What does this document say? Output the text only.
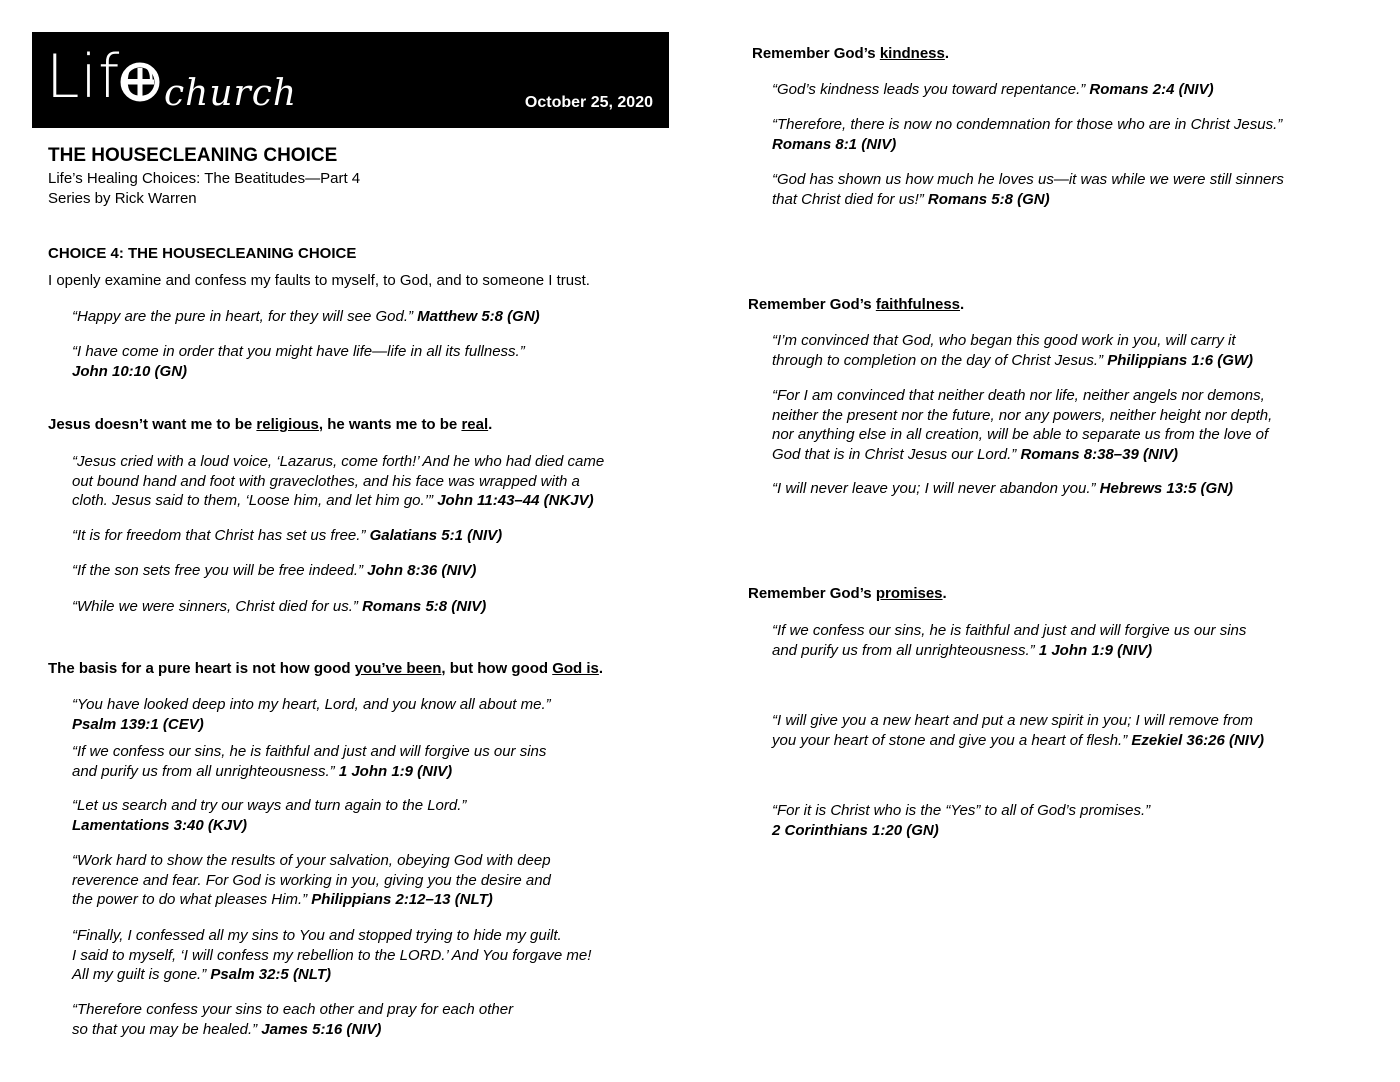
Life church	October 25, 2020
THE HOUSECLEANING CHOICE
Life’s Healing Choices: The Beatitudes—Part 4
Series by Rick Warren
CHOICE 4: THE HOUSECLEANING CHOICE
I openly examine and confess my faults to myself, to God, and to someone I trust.
“Happy are the pure in heart, for they will see God.” Matthew 5:8 (GN)
“I have come in order that you might have life—life in all its fullness.”
John 10:10 (GN)
Jesus doesn’t want me to be religious, he wants me to be real.
“Jesus cried with a loud voice, ‘Lazarus, come forth!’ And he who had died came
out bound hand and foot with graveclothes, and his face was wrapped with a
cloth. Jesus said to them, ‘Loose him, and let him go.’” John 11:43–44 (NKJV)
“It is for freedom that Christ has set us free.” Galatians 5:1 (NIV)
“If the son sets free you will be free indeed.” John 8:36 (NIV)
“While we were sinners, Christ died for us.” Romans 5:8 (NIV)
The basis for a pure heart is not how good you’ve been, but how good God is.
“You have looked deep into my heart, Lord, and you know all about me.”
Psalm 139:1 (CEV)
“If we confess our sins, he is faithful and just and will forgive us our sins
and purify us from all unrighteousness.” 1 John 1:9 (NIV)
“Let us search and try our ways and turn again to the Lord.”
Lamentations 3:40 (KJV)
“Work hard to show the results of your salvation, obeying God with deep
reverence and fear. For God is working in you, giving you the desire and
the power to do what pleases Him.” Philippians 2:12–13 (NLT)
“Finally, I confessed all my sins to You and stopped trying to hide my guilt.
I said to myself, ‘I will confess my rebellion to the LORD.’ And You forgave me!
All my guilt is gone.” Psalm 32:5 (NLT)
“Therefore confess your sins to each other and pray for each other
so that you may be healed.” James 5:16 (NIV)
Remember God’s kindness.
“God’s kindness leads you toward repentance.” Romans 2:4 (NIV)
“Therefore, there is now no condemnation for those who are in Christ Jesus.”
Romans 8:1 (NIV)
“God has shown us how much he loves us—it was while we were still sinners
that Christ died for us!” Romans 5:8 (GN)
Remember God’s faithfulness.
“I’m convinced that God, who began this good work in you, will carry it
through to completion on the day of Christ Jesus.” Philippians 1:6 (GW)
“For I am convinced that neither death nor life, neither angels nor demons,
neither the present nor the future, nor any powers, neither height nor depth,
nor anything else in all creation, will be able to separate us from the love of
God that is in Christ Jesus our Lord.” Romans 8:38–39 (NIV)
“I will never leave you; I will never abandon you.” Hebrews 13:5 (GN)
Remember God’s promises.
“If we confess our sins, he is faithful and just and will forgive us our sins
and purify us from all unrighteousness.” 1 John 1:9 (NIV)
“I will give you a new heart and put a new spirit in you; I will remove from
you your heart of stone and give you a heart of flesh.” Ezekiel 36:26 (NIV)
“For it is Christ who is the “Yes” to all of God’s promises.”
2 Corinthians 1:20 (GN)
